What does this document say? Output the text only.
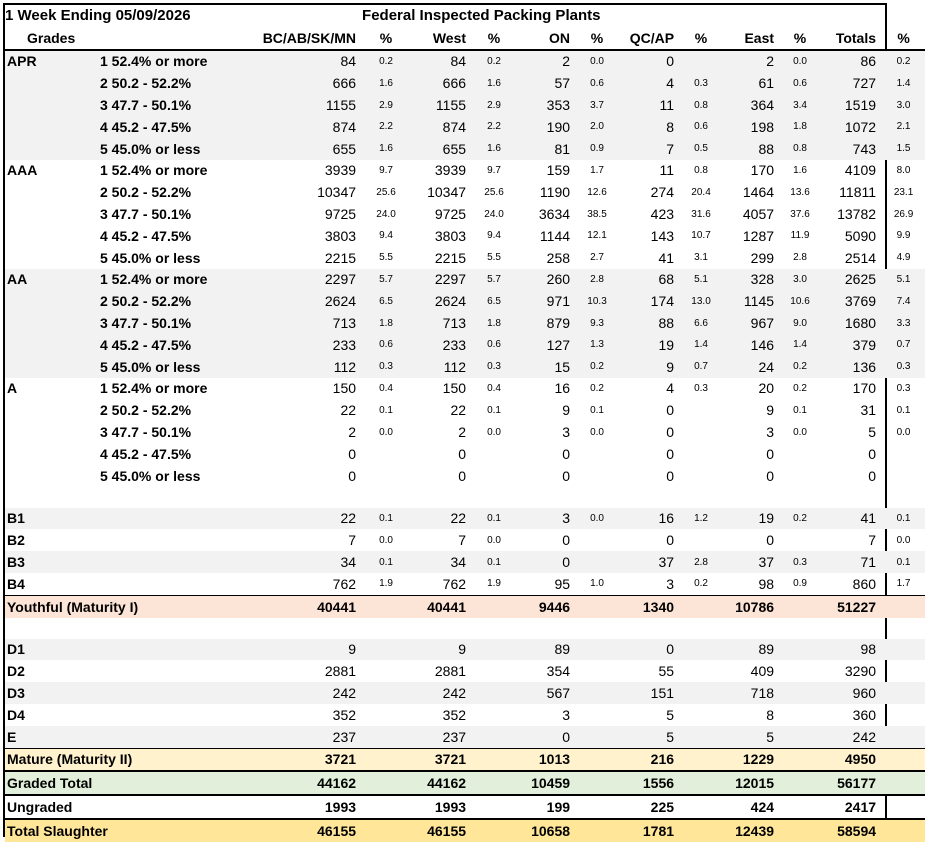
1 Week Ending 05/09/2026			Federal Inspected Packing Plants										
Grades		BC/AB/SK/MN	%	West	%	ON	%	QC/AP	%	East	%	Totals	%
APR	1 52.4% or more	84	0.2	84	0.2	2	0.0	0		2	0.0	86	0.2
	2 50.2 - 52.2%	666	1.6	666	1.6	57	0.6	4	0.3	61	0.6	727	1.4
	3 47.7 - 50.1%	1155	2.9	1155	2.9	353	3.7	11	0.8	364	3.4	1519	3.0
	4 45.2 - 47.5%	874	2.2	874	2.2	190	2.0	8	0.6	198	1.8	1072	2.1
	5 45.0% or less	655	1.6	655	1.6	81	0.9	7	0.5	88	0.8	743	1.5
AAA	1 52.4% or more	3939	9.7	3939	9.7	159	1.7	11	0.8	170	1.6	4109	8.0
	2 50.2 - 52.2%	10347	25.6	10347	25.6	1190	12.6	274	20.4	1464	13.6	11811	23.1
	3 47.7 - 50.1%	9725	24.0	9725	24.0	3634	38.5	423	31.6	4057	37.6	13782	26.9
	4 45.2 - 47.5%	3803	9.4	3803	9.4	1144	12.1	143	10.7	1287	11.9	5090	9.9
	5 45.0% or less	2215	5.5	2215	5.5	258	2.7	41	3.1	299	2.8	2514	4.9
AA	1 52.4% or more	2297	5.7	2297	5.7	260	2.8	68	5.1	328	3.0	2625	5.1
	2 50.2 - 52.2%	2624	6.5	2624	6.5	971	10.3	174	13.0	1145	10.6	3769	7.4
	3 47.7 - 50.1%	713	1.8	713	1.8	879	9.3	88	6.6	967	9.0	1680	3.3
	4 45.2 - 47.5%	233	0.6	233	0.6	127	1.3	19	1.4	146	1.4	379	0.7
	5 45.0% or less	112	0.3	112	0.3	15	0.2	9	0.7	24	0.2	136	0.3
A	1 52.4% or more	150	0.4	150	0.4	16	0.2	4	0.3	20	0.2	170	0.3
	2 50.2 - 52.2%	22	0.1	22	0.1	9	0.1	0		9	0.1	31	0.1
	3 47.7 - 50.1%	2	0.0	2	0.0	3	0.0	0		3	0.0	5	0.0
	4 45.2 - 47.5%	0		0		0		0		0		0	
	5 45.0% or less	0		0		0		0		0		0	

B1		22	0.1	22	0.1	3	0.0	16	1.2	19	0.2	41	0.1
B2		7	0.0	7	0.0	0		0		0		7	0.0
B3		34	0.1	34	0.1	0		37	2.8	37	0.3	71	0.1
B4		762	1.9	762	1.9	95	1.0	3	0.2	98	0.9	860	1.7
Youthful (Maturity I)		40441		40441		9446		1340		10786		51227	

D1		9		9		89		0		89		98	
D2		2881		2881		354		55		409		3290	
D3		242		242		567		151		718		960	
D4		352		352		3		5		8		360	
E		237		237		0		5		5		242	
Mature (Maturity II)		3721		3721		1013		216		1229		4950	
Graded Total		44162		44162		10459		1556		12015		56177	
Ungraded		1993		1993		199		225		424		2417	
Total Slaughter		46155		46155		10658		1781		12439		58594	
